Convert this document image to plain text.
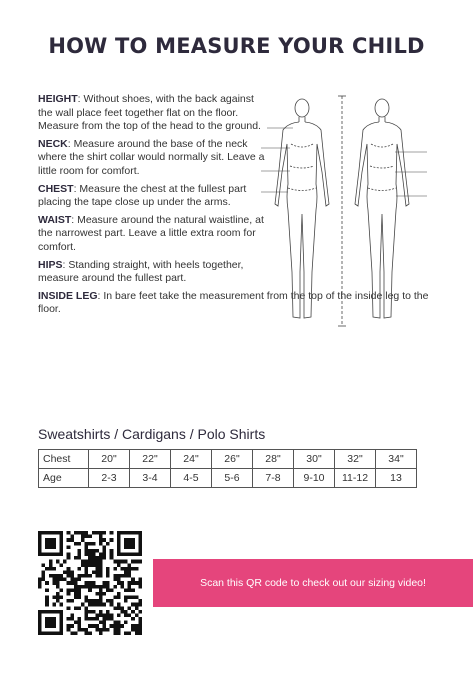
HOW TO MEASURE YOUR CHILD
HEIGHT: Without shoes, with the back against the wall place feet together flat on the floor. Measure from the top of the head to the ground.
NECK: Measure around the base of the neck where the shirt collar would normally sit. Leave a little room for comfort.
CHEST: Measure the chest at the fullest part placing the tape close up under the arms.
WAIST: Measure around the natural waistline, at the narrowest part. Leave a little extra room for comfort.
HIPS: Standing straight, with heels together, measure around the fullest part.
INSIDE LEG: In bare feet take the measurement from the top of the inside leg to the floor.
Sweatshirts / Cardigans / Polo Shirts
Chest	20"	22"	24"	26"	28"	30"	32"	34"
Age	2-3	3-4	4-5	5-6	7-8	9-10	11-12	13
Scan this QR code to check out our sizing video!
